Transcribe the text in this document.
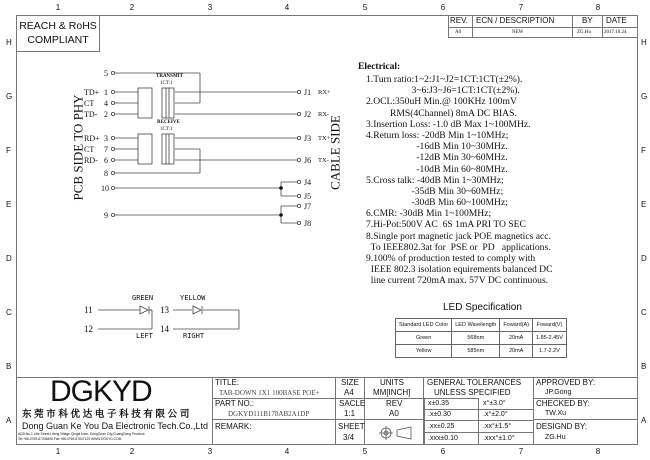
1	2	3	4	5	6	7	8
1	2	3	4	5	6	7	8
H
G
F
E
D
C
B
A
H
G
F
E
D
C
B
A
REACH & RoHS
COMPLIANT
REV. ECN / DESCRIPTION	BY DATE
A0	NEW	ZG.Hu	2017.10.24
PCB SIDE TO PHY	CABLE SIDE
TRANSMIT
1CT:1
RECEIVE
1CT:1
5
TD+ 1
CT 4
TD- 2
RD+ 3
CT 7
RD- 6
8
10
9
J1 RX+
J2 RX-
J3 TX+
J6 TX-
J4
J5
J7
J8
GREEN
11
12
LEFT
YELLOW
13
14
RIGHT
Electrical:
1.Turn ratio:1~2:J1~J2=1CT:1CT(±2%).
3~6:J3~J6=1CT:1CT(±2%).
2.OCL:350uH Min.@ 100KHz 100mV
RMS(4Channel) 8mA DC BIAS.
3.Insertion Loss: -1.0 dB Max 1~100MHz.
4.Return loss: -20dB Min 1~10MHz;
-16dB Min 10~30MHz.
-12dB Min 30~60MHz.
-10dB Min 60~80MHz.
5.Cross talk: -40dB Min 1~30MHz;
-35dB Min 30~60MHz;
-30dB Min 60~100MHz;
6.CMR: -30dB Min 1~100MHz;
7.Hi-Pot:500V AC  6S 1mA PRI TO SEC
8.Single port magnetic jack POE magnetics acc.
To IEEE802.3at for  PSE or  PD   applications.
9.100% of production tested to comply with
IEEE 802.3 isolation equirements balanced DC
line current 720mA max. 57V DC continuous.
LED Specification
Standard LED Color	LED Wavelength	Foward(A)	Foward(V)
Green	568nm	20mA	1.85-2.45V
Yellow	585nm	20mA	1.7-2.2V
DGKYD
东 莞 市 科 优 达 电 子 科 技 有 限 公 司
Dong Guan Ke You Da Electronic Tech.Co.,Ltd
ADD:No.1 Lille Street,Lifeng Village,Qingxi town, DongGuan City,GuangDong Province
Tel:+86-0769-87334806 Fax:+86-0769-87847129 WWW.DGKYD.COM
TITLE:
TAB-DOWN 1X1 100BASE POE+
PART NO.:
DGKYD111B178AB2A1DP
REMARK:
SIZE
A4
SACLE
1:1
SHEET
3/4
UNITS
MM[INCH]
REV
A0
GENERAL TOLERANCES
UNLESS SPECIFIED
x±0.35	x°±3.0°
.x±0.30	.x°±2.0°
.xx±0.25	.xx°±1.5°
.xxx±0.10	.xxx°±1.0°
APPROVED BY:
JP.Gong
CHECKED BY:
TW.Xu
DESIGND BY:
ZG.Hu
